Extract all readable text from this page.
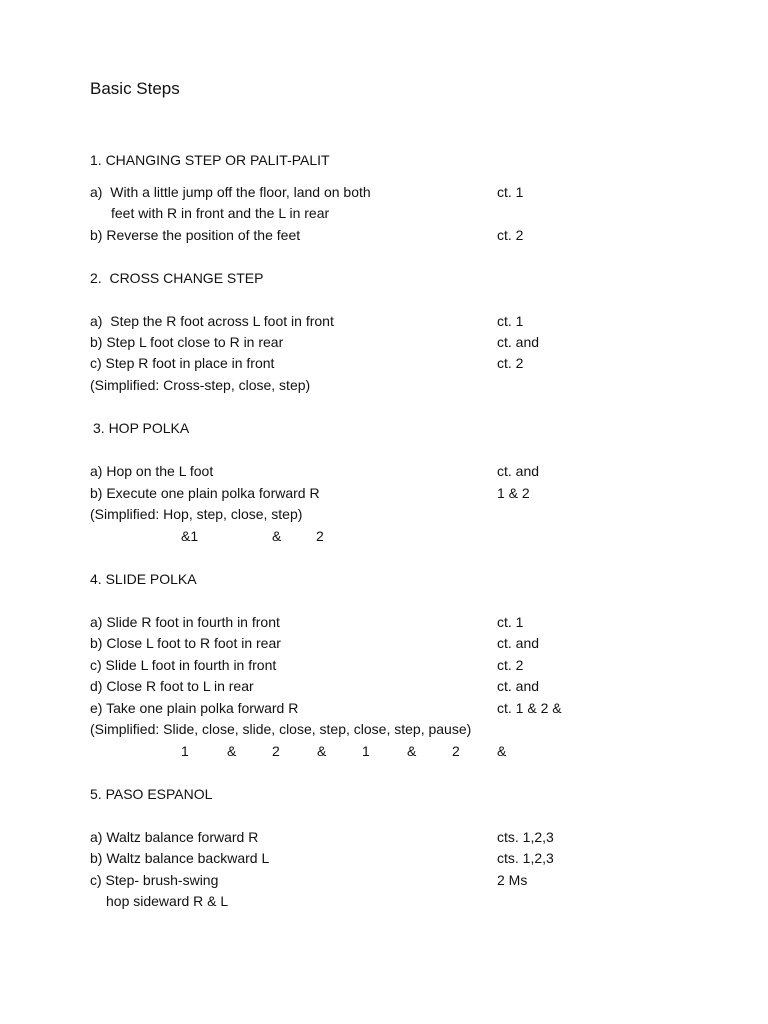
Basic Steps
1. CHANGING STEP OR PALIT-PALIT
a)  With a little jump off the floor, land on both	ct. 1
feet with R in front and the L in rear
b) Reverse the position of the feet	ct. 2
2.  CROSS CHANGE STEP
a)  Step the R foot across L foot in front	ct. 1
b) Step L foot close to R in rear	ct. and
c) Step R foot in place in front	ct. 2
(Simplified: Cross-step, close, step)
3. HOP POLKA
a) Hop on the L foot	ct. and
b) Execute one plain polka forward R	1 & 2
(Simplified: Hop, step, close, step)
&1	& 2
4. SLIDE POLKA
a) Slide R foot in fourth in front	ct. 1
b) Close L foot to R foot in rear	ct. and
c) Slide L foot in fourth in front	ct. 2
d) Close R foot to L in rear	ct. and
e) Take one plain polka forward R	ct. 1 & 2 &
(Simplified: Slide, close, slide, close, step, close, step, pause)
1	&	2	&	1	&	2	&
5. PASO ESPANOL
a) Waltz balance forward R	cts. 1,2,3
b) Waltz balance backward L	cts. 1,2,3
c) Step- brush-swing	2 Ms
hop sideward R & L
